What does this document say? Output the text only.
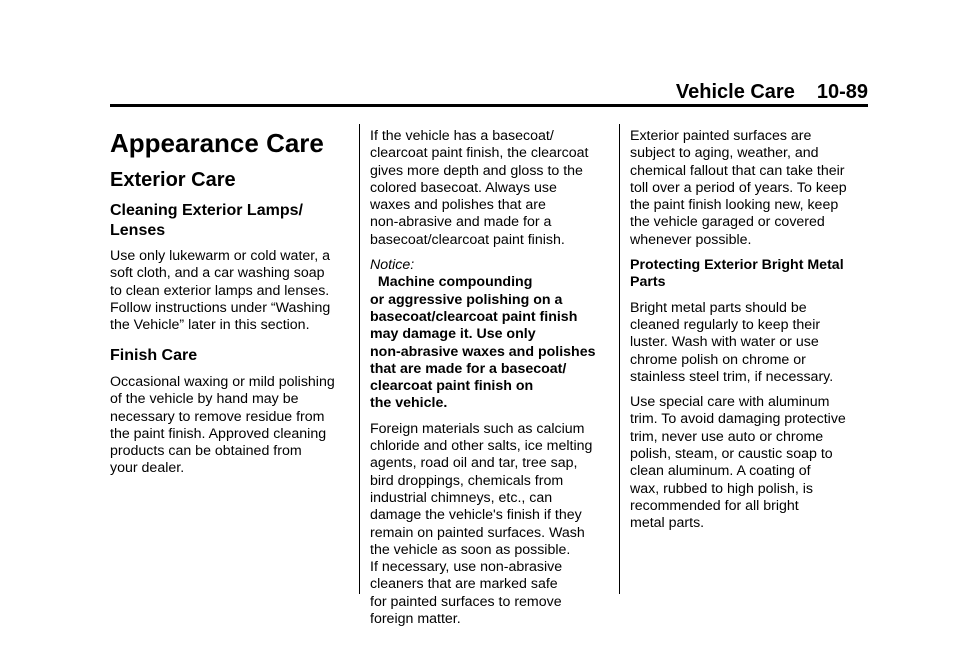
Vehicle Care 10-89
Appearance Care
Exterior Care
Cleaning Exterior Lamps/
Lenses

Use only lukewarm or cold water, a
soft cloth, and a car washing soap
to clean exterior lamps and lenses.
Follow instructions under “Washing
the Vehicle” later in this section.

Finish Care

Occasional waxing or mild polishing
of the vehicle by hand may be
necessary to remove residue from
the paint finish. Approved cleaning
products can be obtained from
your dealer.

If the vehicle has a basecoat/
clearcoat paint finish, the clearcoat
gives more depth and gloss to the
colored basecoat. Always use
waxes and polishes that are
non-abrasive and made for a
basecoat/clearcoat paint finish.

Notice:
Machine compounding
or aggressive polishing on a
basecoat/clearcoat paint finish
may damage it. Use only
non-abrasive waxes and polishes
that are made for a basecoat/
clearcoat paint finish on
the vehicle.

Foreign materials such as calcium
chloride and other salts, ice melting
agents, road oil and tar, tree sap,
bird droppings, chemicals from
industrial chimneys, etc., can
damage the vehicle's finish if they
remain on painted surfaces. Wash
the vehicle as soon as possible.
If necessary, use non-abrasive
cleaners that are marked safe
for painted surfaces to remove
foreign matter.

Exterior painted surfaces are
subject to aging, weather, and
chemical fallout that can take their
toll over a period of years. To keep
the paint finish looking new, keep
the vehicle garaged or covered
whenever possible.

Protecting Exterior Bright Metal
Parts

Bright metal parts should be
cleaned regularly to keep their
luster. Wash with water or use
chrome polish on chrome or
stainless steel trim, if necessary.

Use special care with aluminum
trim. To avoid damaging protective
trim, never use auto or chrome
polish, steam, or caustic soap to
clean aluminum. A coating of
wax, rubbed to high polish, is
recommended for all bright
metal parts.
